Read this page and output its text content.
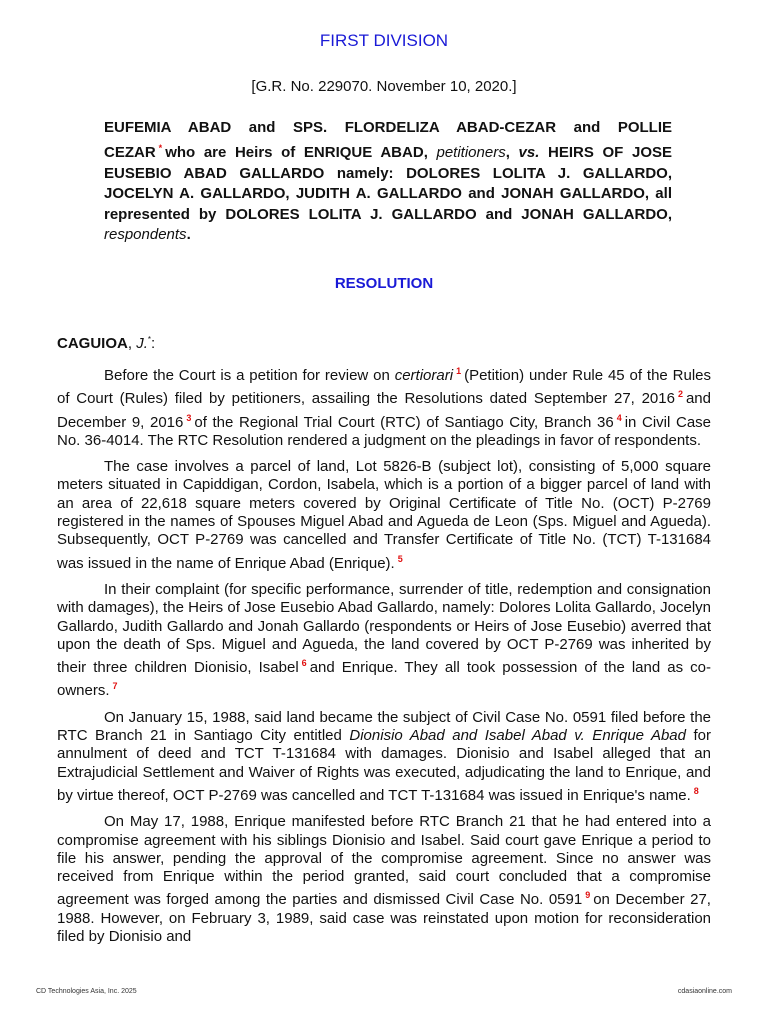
FIRST DIVISION
[G.R. No. 229070. November 10, 2020.]
EUFEMIA ABAD and SPS. FLORDELIZA ABAD-CEZAR and POLLIE CEZAR * who are Heirs of ENRIQUE ABAD, petitioners, vs. HEIRS OF JOSE EUSEBIO ABAD GALLARDO namely: DOLORES LOLITA J. GALLARDO, JOCELYN A. GALLARDO, JUDITH A. GALLARDO and JONAH GALLARDO, all represented by DOLORES LOLITA J. GALLARDO and JONAH GALLARDO, respondents.
RESOLUTION
CAGUIOA, J.*:

Before the Court is a petition for review on certiorari $^1$ (Petition) under Rule 45 of the Rules of Court (Rules) filed by petitioners, assailing the Resolutions dated September 27, 2016 $^2$ and December 9, 2016 $^3$ of the Regional Trial Court (RTC) of Santiago City, Branch 36 $^4$ in Civil Case No. 36-4014. The RTC Resolution rendered a judgment on the pleadings in favor of respondents.

The case involves a parcel of land, Lot 5826-B (subject lot), consisting of 5,000 square meters situated in Capiddigan, Cordon, Isabela, which is a portion of a bigger parcel of land with an area of 22,618 square meters covered by Original Certificate of Title No. (OCT) P-2769 registered in the names of Spouses Miguel Abad and Agueda de Leon (Sps. Miguel and Agueda). Subsequently, OCT P-2769 was cancelled and Transfer Certificate of Title No. (TCT) T-131684 was issued in the name of Enrique Abad (Enrique). $^5$

In their complaint (for specific performance, surrender of title, redemption and consignation with damages), the Heirs of Jose Eusebio Abad Gallardo, namely: Dolores Lolita Gallardo, Jocelyn Gallardo, Judith Gallardo and Jonah Gallardo (respondents or Heirs of Jose Eusebio) averred that upon the death of Sps. Miguel and Agueda, the land covered by OCT P-2769 was inherited by their three children Dionisio, Isabel $^6$ and Enrique. They all took possession of the land as co-owners. $^7$

On January 15, 1988, said land became the subject of Civil Case No. 0591 filed before the RTC Branch 21 in Santiago City entitled Dionisio Abad and Isabel Abad v. Enrique Abad for annulment of deed and TCT T-131684 with damages. Dionisio and Isabel alleged that an Extrajudicial Settlement and Waiver of Rights was executed, adjudicating the land to Enrique, and by virtue thereof, OCT P-2769 was cancelled and TCT T-131684 was issued in Enrique's name. $^8$

On May 17, 1988, Enrique manifested before RTC Branch 21 that he had entered into a compromise agreement with his siblings Dionisio and Isabel. Said court gave Enrique a period to file his answer, pending the approval of the compromise agreement. Since no answer was received from Enrique within the period granted, said court concluded that a compromise agreement was forged among the parties and dismissed Civil Case No. 0591 $^9$ on December 27, 1988. However, on February 3, 1989, said case was reinstated upon motion for reconsideration filed by Dionisio and

CD Technologies Asia, Inc. 2025	cdasiaonline.com
